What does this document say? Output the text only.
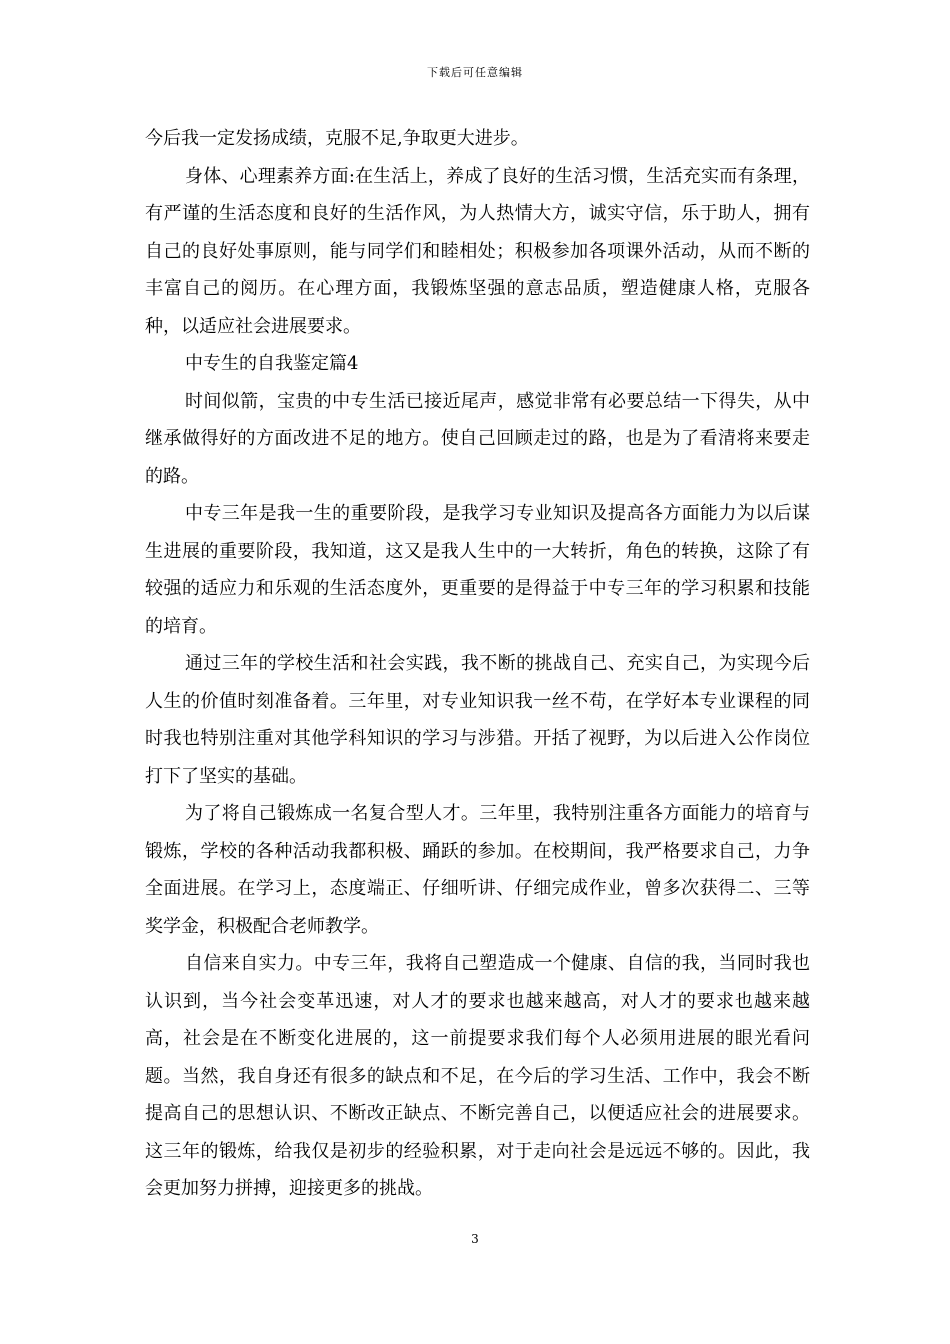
下载后可任意编辑

今后我一定发扬成绩，克服不足,争取更大进步。

身体、心理素养方面:在生活上，养成了良好的生活习惯，生活充实而有条理，有严谨的生活态度和良好的生活作风，为人热情大方，诚实守信，乐于助人，拥有自己的良好处事原则，能与同学们和睦相处；积极参加各项课外活动，从而不断的丰富自己的阅历。在心理方面，我锻炼坚强的意志品质，塑造健康人格，克服各种，以适应社会进展要求。

中专生的自我鉴定篇4

时间似箭，宝贵的中专生活已接近尾声，感觉非常有必要总结一下得失，从中继承做得好的方面改进不足的地方。使自己回顾走过的路，也是为了看清将来要走的路。

中专三年是我一生的重要阶段，是我学习专业知识及提高各方面能力为以后谋生进展的重要阶段，我知道，这又是我人生中的一大转折，角色的转换，这除了有较强的适应力和乐观的生活态度外，更重要的是得益于中专三年的学习积累和技能的培育。

通过三年的学校生活和社会实践，我不断的挑战自己、充实自己，为实现今后人生的价值时刻准备着。三年里，对专业知识我一丝不苟，在学好本专业课程的同时我也特别注重对其他学科知识的学习与涉猎。开括了视野，为以后进入公作岗位打下了坚实的基础。

为了将自己锻炼成一名复合型人才。三年里，我特别注重各方面能力的培育与锻炼，学校的各种活动我都积极、踊跃的参加。在校期间，我严格要求自己，力争全面进展。在学习上，态度端正、仔细听讲、仔细完成作业，曾多次获得二、三等奖学金，积极配合老师教学。

自信来自实力。中专三年，我将自己塑造成一个健康、自信的我，当同时我也认识到，当今社会变革迅速，对人才的要求也越来越高，对人才的要求也越来越高，社会是在不断变化进展的，这一前提要求我们每个人必须用进展的眼光看问题。当然，我自身还有很多的缺点和不足，在今后的学习生活、工作中，我会不断提高自己的思想认识、不断改正缺点、不断完善自己，以便适应社会的进展要求。这三年的锻炼，给我仅是初步的经验积累，对于走向社会是远远不够的。因此，我会更加努力拼搏，迎接更多的挑战。

3
